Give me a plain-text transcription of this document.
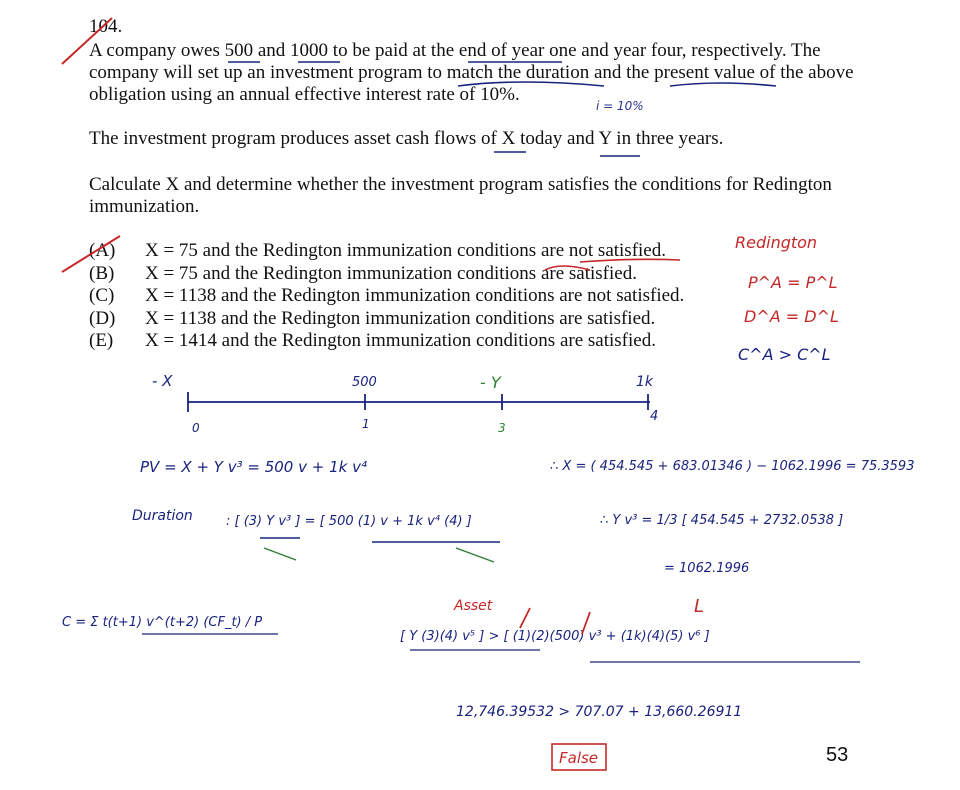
104.
A company owes 500 and 1000 to be paid at the end of year one and year four, respectively. The company will set up an investment program to match the duration and the present value of the above obligation using an annual effective interest rate of 10%.
The investment program produces asset cash flows of X today and Y in three years.
Calculate X and determine whether the investment program satisfies the conditions for Redington immunization.
(A)	X = 75 and the Redington immunization conditions are not satisfied.
(B)	X = 75 and the Redington immunization conditions are satisfied.
(C)	X = 1138 and the Redington immunization conditions are not satisfied.
(D)	X = 1138 and the Redington immunization conditions are satisfied.
(E)	X = 1414 and the Redington immunization conditions are satisfied.
53
i = 10%
Redington
P^A = P^L
D^A = D^L
C^A > C^L
- X	500	- Y	1k
0	1	3
4
PV = X + Y v³ = 500 v + 1k v⁴	∴ X = ( 454.545 + 683.01346 ) − 1062.1996 = 75.3593
Duration	: [ (3) Y v³ ] = [ 500 (1) v + 1k v⁴ (4) ]	∴ Y v³ = 1/3 [ 454.545 + 2732.0538 ]
= 1062.1996
C = Σ t(t+1) v^(t+2) (CF_t) / P
Asset	L
[ Y (3)(4) v⁵ ] > [ (1)(2)(500) v³ + (1k)(4)(5) v⁶ ]
12,746.39532 > 707.07 + 13,660.26911
False
